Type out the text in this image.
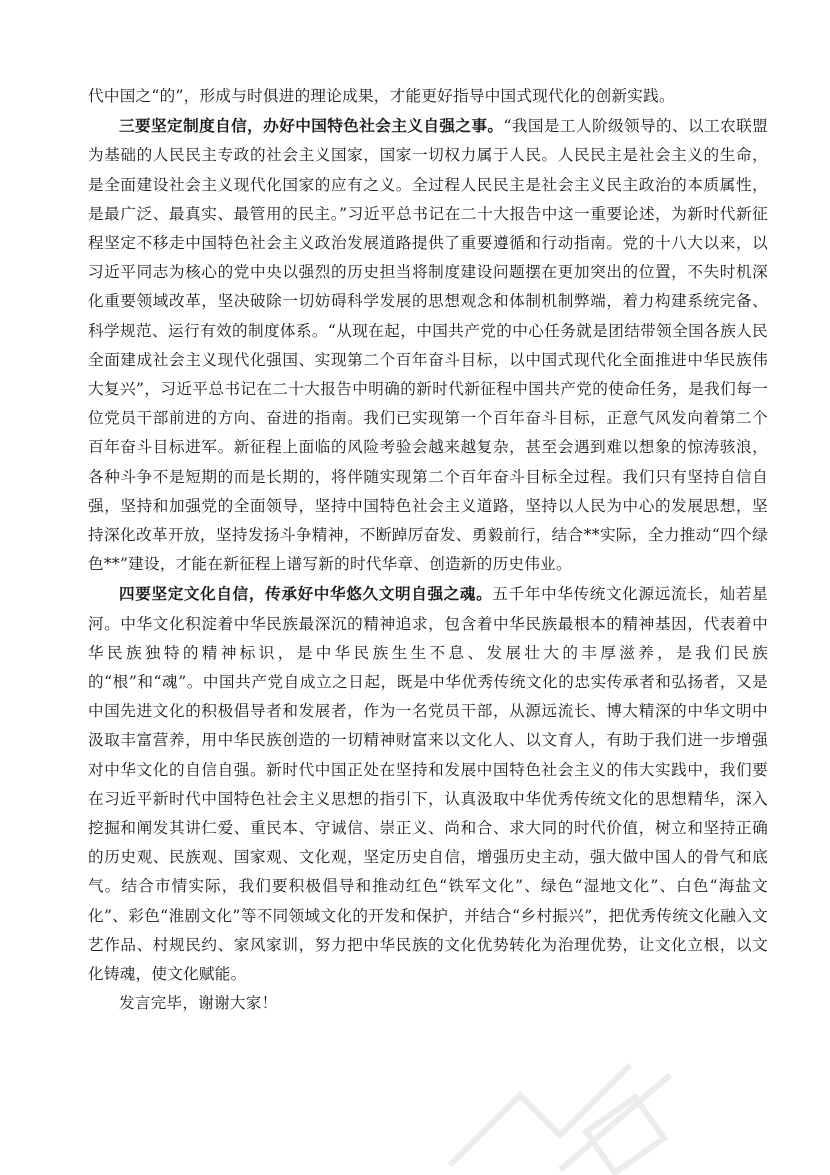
代中国之“的”，形成与时俱进的理论成果，才能更好指导中国式现代化的创新实践。

三要坚定制度自信，办好中国特色社会主义自强之事。“我国是工人阶级领导的、以工农联盟为基础的人民民主专政的社会主义国家，国家一切权力属于人民。人民民主是社会主义的生命，是全面建设社会主义现代化国家的应有之义。全过程人民民主是社会主义民主政治的本质属性，是最广泛、最真实、最管用的民主。”习近平总书记在二十大报告中这一重要论述，为新时代新征程坚定不移走中国特色社会主义政治发展道路提供了重要遵循和行动指南。党的十八大以来，以习近平同志为核心的党中央以强烈的历史担当将制度建设问题摆在更加突出的位置，不失时机深化重要领域改革，坚决破除一切妨碍科学发展的思想观念和体制机制弊端，着力构建系统完备、科学规范、运行有效的制度体系。“从现在起，中国共产党的中心任务就是团结带领全国各族人民全面建成社会主义现代化强国、实现第二个百年奋斗目标，以中国式现代化全面推进中华民族伟大复兴”，习近平总书记在二十大报告中明确的新时代新征程中国共产党的使命任务，是我们每一位党员干部前进的方向、奋进的指南。我们已实现第一个百年奋斗目标，正意气风发向着第二个百年奋斗目标进军。新征程上面临的风险考验会越来越复杂，甚至会遇到难以想象的惊涛骇浪，各种斗争不是短期的而是长期的，将伴随实现第二个百年奋斗目标全过程。我们只有坚持自信自强，坚持和加强党的全面领导，坚持中国特色社会主义道路，坚持以人民为中心的发展思想，坚持深化改革开放，坚持发扬斗争精神，不断踔厉奋发、勇毅前行，结合**实际，全力推动“四个绿色**”建设，才能在新征程上谱写新的时代华章、创造新的历史伟业。

四要坚定文化自信，传承好中华悠久文明自强之魂。五千年中华传统文化源远流长，灿若星河。中华文化积淀着中华民族最深沉的精神追求，包含着中华民族最根本的精神基因，代表着中华民族独特的精神标识，是中华民族生生不息、发展壮大的丰厚滋养，是我们民族的“根”和“魂”。中国共产党自成立之日起，既是中华优秀传统文化的忠实传承者和弘扬者，又是中国先进文化的积极倡导者和发展者，作为一名党员干部，从源远流长、博大精深的中华文明中汲取丰富营养，用中华民族创造的一切精神财富来以文化人、以文育人，有助于我们进一步增强对中华文化的自信自强。新时代中国正处在坚持和发展中国特色社会主义的伟大实践中，我们要在习近平新时代中国特色社会主义思想的指引下，认真汲取中华优秀传统文化的思想精华，深入挖掘和阐发其讲仁爱、重民本、守诚信、崇正义、尚和合、求大同的时代价值，树立和坚持正确的历史观、民族观、国家观、文化观，坚定历史自信，增强历史主动，强大做中国人的骨气和底气。结合市情实际，我们要积极倡导和推动红色“铁军文化”、绿色“湿地文化”、白色“海盐文化”、彩色“淮剧文化”等不同领域文化的开发和保护，并结合“乡村振兴”，把优秀传统文化融入文艺作品、村规民约、家风家训，努力把中华民族的文化优势转化为治理优势，让文化立根，以文化铸魂，使文化赋能。

发言完毕，谢谢大家！
